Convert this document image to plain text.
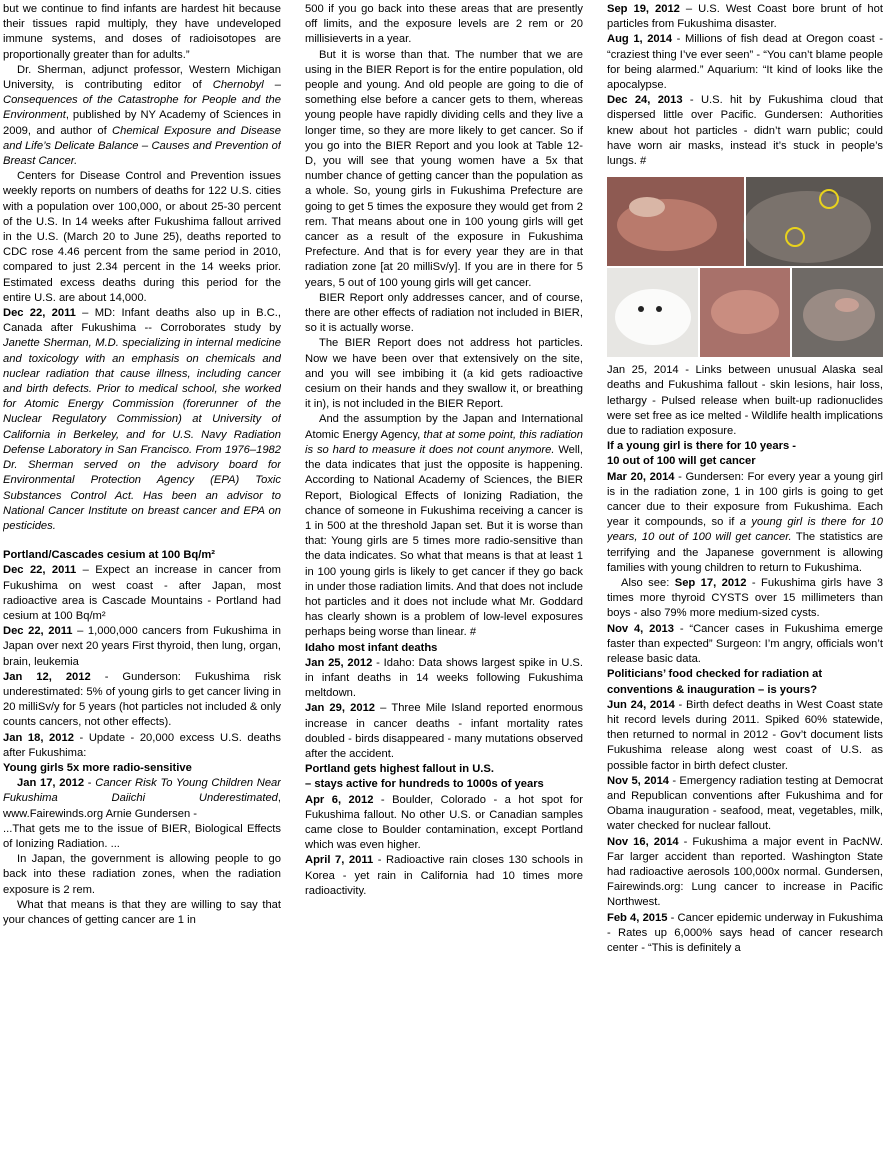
but we continue to find infants are hardest hit because their tissues rapid multiply, they have undeveloped immune systems, and doses of radioisotopes are proportionally greater than for adults.”

Dr. Sherman, adjunct professor, Western Michigan University, is contributing editor of Chernobyl – Consequences of the Catastrophe for People and the Environment, published by NY Academy of Sciences in 2009, and author of Chemical Exposure and Disease and Life’s Delicate Balance – Causes and Prevention of Breast Cancer.

Centers for Disease Control and Prevention issues weekly reports on numbers of deaths for 122 U.S. cities with a population over 100,000, or about 25-30 percent of the U.S. In 14 weeks after Fukushima fallout arrived in the U.S. (March 20 to June 25), deaths reported to CDC rose 4.46 percent from the same period in 2010, compared to just 2.34 percent in the 14 weeks prior. Estimated excess deaths during this period for the entire U.S. are about 14,000.

Dec 22, 2011 – MD: Infant deaths also up in B.C., Canada after Fukushima -- Corroborates study by Janette Sherman, M.D. specializing in internal medicine and toxicology with an emphasis on chemicals and nuclear radiation that cause illness, including cancer and birth defects. Prior to medical school, she worked for Atomic Energy Commission (forerunner of the Nuclear Regulatory Commission) at University of California in Berkeley, and for U.S. Navy Radiation Defense Laboratory in San Francisco. From 1976–1982 Dr. Sherman served on the advisory board for Environmental Protection Agency (EPA) Toxic Substances Control Act. Has been an advisor to National Cancer Institute on breast cancer and EPA on pesticides.

Portland/Cascades cesium at 100 Bq/m²

Dec 22, 2011 – Expect an increase in cancer from Fukushima on west coast - after Japan, most radioactive area is Cascade Mountains - Portland had cesium at 100 Bq/m²

Dec 22, 2011 – 1,000,000 cancers from Fukushima in Japan over next 20 years First thyroid, then lung, organ, brain, leukemia

Jan 12, 2012 - Gunderson: Fukushima risk underestimated: 5% of young girls to get cancer living in 20 milliSv/y for 5 years (hot particles not included & only counts cancers, not other effects).

Jan 18, 2012 - Update - 20,000 excess U.S. deaths after Fukushima:

Young girls 5x more radio-sensitive

Jan 17, 2012 - Cancer Risk To Young Children Near Fukushima Daiichi Underestimated, www.Fairewinds.org Arnie Gundersen -

...That gets me to the issue of BIER, Biological Effects of Ionizing Radiation. ...

In Japan, the government is allowing people to go back into these radiation zones, when the radiation exposure is 2 rem.

What that means is that they are willing to say that your chances of getting cancer are 1 in

500 if you go back into these areas that are presently off limits, and the exposure levels are 2 rem or 20 millisieverts in a year.

But it is worse than that. The number that we are using in the BIER Report is for the entire population, old people and young. And old people are going to die of something else before a cancer gets to them, whereas young people have rapidly dividing cells and they live a longer time, so they are more likely to get cancer. So if you go into the BIER Report and you look at Table 12-D, you will see that young women have a 5x that number chance of getting cancer than the population as a whole. So, young girls in Fukushima Prefecture are going to get 5 times the exposure they would get from 2 rem. That means about one in 100 young girls will get cancer as a result of the exposure in Fukushima Prefecture. And that is for every year they are in that radiation zone [at 20 milliSv/y]. If you are in there for 5 years, 5 out of 100 young girls will get cancer.

BIER Report only addresses cancer, and of course, there are other effects of radiation not included in BIER, so it is actually worse.

The BIER Report does not address hot particles. Now we have been over that extensively on the site, and you will see imbibing it (a kid gets radioactive cesium on their hands and they swallow it, or breathing it in), is not included in the BIER Report.

And the assumption by the Japan and International Atomic Energy Agency, that at some point, this radiation is so hard to measure it does not count anymore. Well, the data indicates that just the opposite is happening. According to National Academy of Sciences, the BIER Report, Biological Effects of Ionizing Radiation, the chance of someone in Fukushima receiving a cancer is 1 in 500 at the threshold Japan set. But it is worse than that: Young girls are 5 times more radio-sensitive than the data indicates. So what that means is that at least 1 in 100 young girls is likely to get cancer if they go back in under those radiation limits. And that does not include hot particles and it does not include what Mr. Goddard has clearly shown is a problem of low-level exposures perhaps being worse than linear. #

Idaho most infant deaths

Jan 25, 2012 - Idaho: Data shows largest spike in U.S. in infant deaths in 14 weeks following Fukushima meltdown.

Jan 29, 2012 – Three Mile Island reported enormous increase in cancer deaths - infant mortality rates doubled - birds disappeared - many mutations observed after the accident.

Portland gets highest fallout in U.S.
– stays active for hundreds to 1000s of years

Apr 6, 2012 - Boulder, Colorado - a hot spot for Fukushima fallout. No other U.S. or Canadian samples came close to Boulder contamination, except Portland which was even higher.

April 7, 2011 - Radioactive rain closes 130 schools in Korea - yet rain in California had 10 times more radioactivity.

Sep 19, 2012 – U.S. West Coast bore brunt of hot particles from Fukushima disaster.

Aug 1, 2014 - Millions of fish dead at Oregon coast - “craziest thing I’ve ever seen” - “You can’t blame people for being alarmed.” Aquarium: “It kind of looks like the apocalypse.

Dec 24, 2013 - U.S. hit by Fukushima cloud that dispersed little over Pacific. Gundersen: Authorities knew about hot particles - didn’t warn public; could have worn air masks, instead it’s stuck in people’s lungs. #

Jan 25, 2014 - Links between unusual Alaska seal deaths and Fukushima fallout - skin lesions, hair loss, lethargy - Pulsed release when built-up radionuclides were set free as ice melted - Wildlife health implications due to radiation exposure.

If a young girl is there for 10 years -
10 out of 100 will get cancer

Mar 20, 2014 - Gundersen: For every year a young girl is in the radiation zone, 1 in 100 girls is going to get cancer due to their exposure from Fukushima. Each year it compounds, so if a young girl is there for 10 years, 10 out of 100 will get cancer. The statistics are terrifying and the Japanese government is allowing families with young children to return to Fukushima.

Also see: Sep 17, 2012 - Fukushima girls have 3 times more thyroid CYSTS over 15 millimeters than boys - also 79% more medium-sized cysts.

Nov 4, 2013 - “Cancer cases in Fukushima emerge faster than expected” Surgeon: I’m angry, officials won’t release basic data.

Politicians’ food checked for radiation at
conventions & inauguration – is yours?

Jun 24, 2014 - Birth defect deaths in West Coast state hit record levels during 2011. Spiked 60% statewide, then returned to normal in 2012 - Gov’t document lists Fukushima release along west coast of U.S. as possible factor in birth defect cluster.

Nov 5, 2014 - Emergency radiation testing at Democrat and Republican conventions after Fukushima and for Obama inauguration - seafood, meat, vegetables, milk, water checked for nuclear fallout.

Nov 16, 2014 - Fukushima a major event in PacNW. Far larger accident than reported. Washington State had radioactive aerosols 100,000x normal. Gundersen, Fairewinds.org: Lung cancer to increase in Pacific Northwest.

Feb 4, 2015 - Cancer epidemic underway in Fukushima - Rates up 6,000% says head of cancer research center - “This is definitely a
